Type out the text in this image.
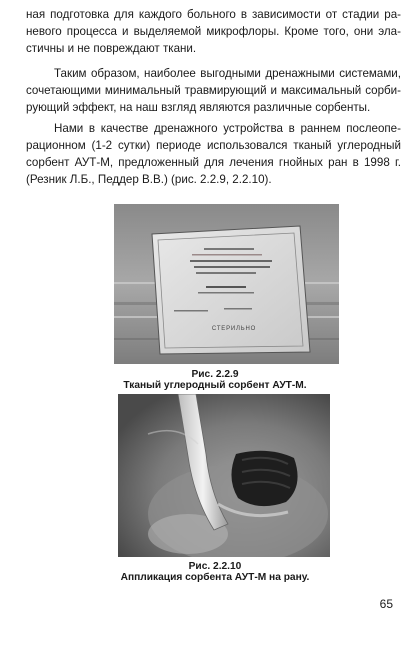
ная подготовка для каждого больного в зависимости от стадии ра-
невого процесса и выделяемой микрофлоры. Кроме того, они эла-
стичны и не повреждают ткани.

Таким образом, наиболее выгодными дренажными системами,
сочетающими минимальный травмирующий и максимальный сорби-
рующий эффект, на наш взгляд являются различные сорбенты.

Нами в качестве дренажного устройства в раннем послеопе-
рационном (1-2 сутки) периоде использовался тканый углеродный
сорбент АУТ-М, предложенный для лечения гнойных ран в 1998 г.
(Резник Л.Б., Педдер В.В.) (рис. 2.2.9, 2.2.10).

СТЕРИЛЬНО
Рис. 2.2.9
Тканый углеродный сорбент АУТ-М.
Рис. 2.2.10
Аппликация сорбента АУТ-М на рану.
65
